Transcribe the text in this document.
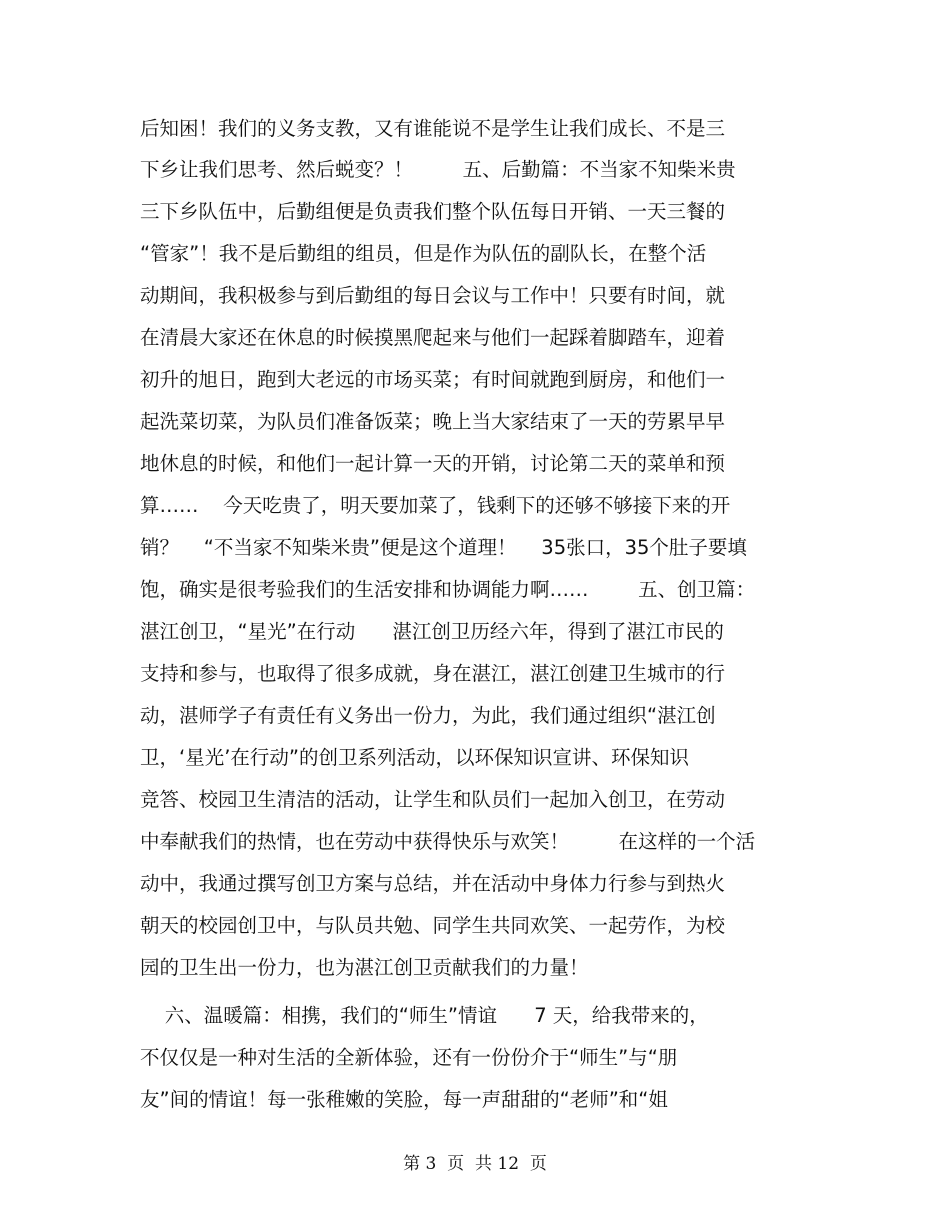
后知困！我们的义务支教，又有谁能说不是学生让我们成长、不是三
下乡让我们思考、然后蜕变？！        五、后勤篇：不当家不知柴米贵
三下乡队伍中，后勤组便是负责我们整个队伍每日开销、一天三餐的
“管家”！我不是后勤组的组员，但是作为队伍的副队长，在整个活
动期间，我积极参与到后勤组的每日会议与工作中！只要有时间，就
在清晨大家还在休息的时候摸黑爬起来与他们一起踩着脚踏车，迎着
初升的旭日，跑到大老远的市场买菜；有时间就跑到厨房，和他们一
起洗菜切菜，为队员们准备饭菜；晚上当大家结束了一天的劳累早早
地休息的时候，和他们一起计算一天的开销，讨论第二天的菜单和预
算……    今天吃贵了，明天要加菜了，钱剩下的还够不够接下来的开
销？    “不当家不知柴米贵”便是这个道理！    35张口，35个肚子要填
饱，确实是很考验我们的生活安排和协调能力啊……        五、创卫篇：
湛江创卫，“星光”在行动      湛江创卫历经六年，得到了湛江市民的
支持和参与，也取得了很多成就，身在湛江，湛江创建卫生城市的行
动，湛师学子有责任有义务出一份力，为此，我们通过组织“湛江创
卫，‘星光’在行动”的创卫系列活动，以环保知识宣讲、环保知识
竞答、校园卫生清洁的活动，让学生和队员们一起加入创卫，在劳动
中奉献我们的热情，也在劳动中获得快乐与欢笑！        在这样的一个活
动中，我通过撰写创卫方案与总结，并在活动中身体力行参与到热火
朝天的校园创卫中，与队员共勉、同学生共同欢笑、一起劳作，为校
园的卫生出一份力，也为湛江创卫贡献我们的力量！
六、温暖篇：相携，我们的“师生”情谊      7 天，给我带来的，
不仅仅是一种对生活的全新体验，还有一份份介于“师生”与“朋
友”间的情谊！每一张稚嫩的笑脸，每一声甜甜的“老师”和“姐
第 3  页  共 12  页
